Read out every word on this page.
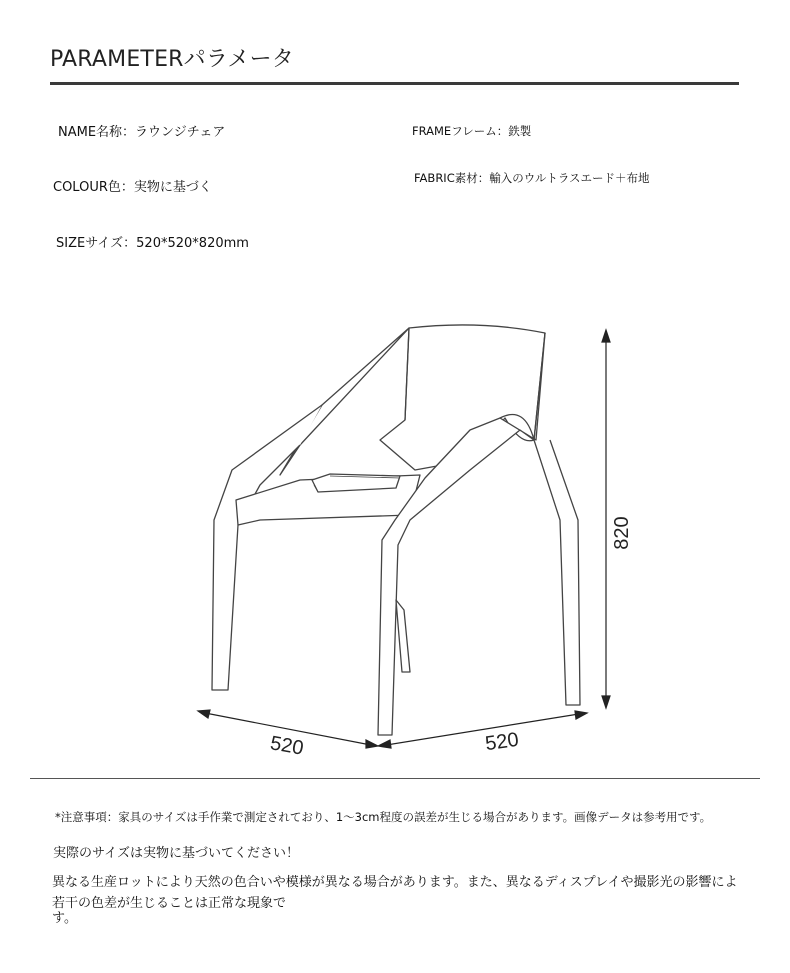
PARAMETERパラメータ
NAME名称：ラウンジチェア
COLOUR色：実物に基づく
SIZEサイズ：520*520*820mm
FRAMEフレーム：鉄製
FABRIC素材：輸入のウルトラスエード＋布地
520	520
820
*注意事項：家具のサイズは手作業で測定されており、1〜3cm程度の誤差が生じる場合があります。画像データは参考用です。
実際のサイズは実物に基づいてください！
異なる生産ロットにより天然の色合いや模様が異なる場合があります。また、異なるディスプレイや撮影光の影響によ
若干の色差が生じることは正常な現象です。
